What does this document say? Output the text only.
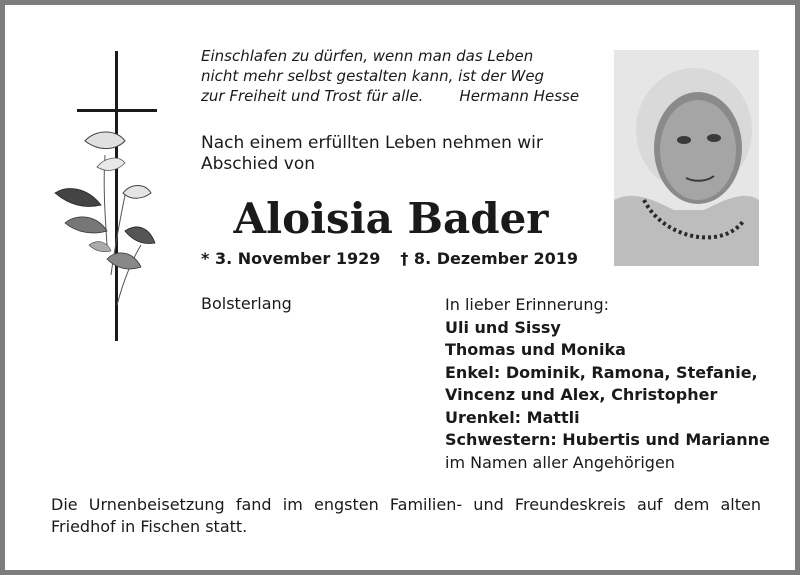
Einschlafen zu dürfen, wenn man das Leben
nicht mehr selbst gestalten kann, ist der Weg
zur Freiheit und Trost für alle. Hermann Hesse
Nach einem erfüllten Leben nehmen wir
Abschied von
Aloisia Bader
* 3. November 1929 † 8. Dezember 2019
Bolsterlang	In lieber Erinnerung:
Uli und Sissy
Thomas und Monika
Enkel: Dominik, Ramona, Stefanie,
Vincenz und Alex, Christopher
Urenkel: Mattli
Schwestern: Hubertis und Marianne
im Namen aller Angehörigen
Die Urnenbeisetzung fand im engsten Familien- und Freundeskreis auf dem alten Friedhof in Fischen statt.
